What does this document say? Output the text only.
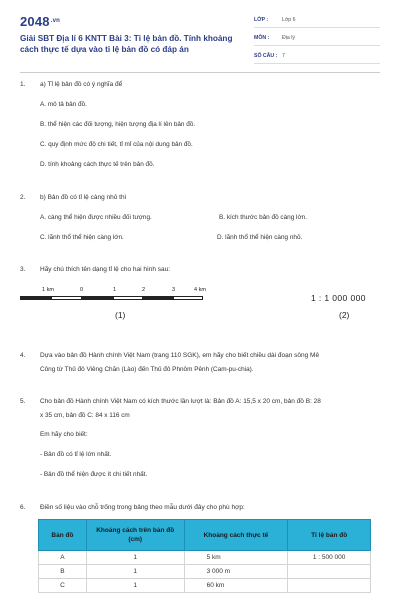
$2048^{.vn}$
Giải SBT Địa lí 6 KNTT Bài 3: Tỉ lệ bản đồ. Tính khoảng cách thực tế dựa vào tỉ lệ bản đồ có đáp án
LỚP :	Lớp 6
MÔN :	Địa lý
SỐ CÂU : 7
1.	a) Tỉ lệ bản đồ có ý nghĩa để
A. mô tả bản đồ.
B. thể hiện các đối tượng, hiện tượng địa lí lên bản đồ.
C. quy định mức độ chi tiết, tỉ mỉ của nội dung bản đồ.
D. tính khoảng cách thực tế trên bản đồ.
2.	b) Bản đồ có tỉ lệ càng nhỏ thì
A. càng thể hiện được nhiều đối tượng.	B. kích thước bản đồ càng lớn.
C. lãnh thổ thể hiện càng lớn.	D. lãnh thổ thể hiện càng nhỏ.
3.	Hãy chú thích tên dạng tỉ lệ cho hai hình sau:
1 km	0	1	2	3	4 km
(1)
1 : 1 000 000
(2)
4.	Dựa vào bản đồ Hành chính Việt Nam (trang 110 SGK), em hãy cho biết chiều dài đoạn sông Mê
Công từ Thủ đô Viêng Chăn (Lào) đến Thủ đô Phnôm Pênh (Cam-pu-chia).
5.	Cho bản đồ Hành chính Việt Nam có kích thước lần lượt là: Bản đồ A: 15,5 x 20 cm, bản đồ B: 28
x 35 cm, bản đồ C: 84 x 116 cm
Em hãy cho biết:
- Bản đồ có tỉ lệ lớn nhất.
- Bản đồ thể hiện được ít chi tiết nhất.
6.	Điền số liệu vào chỗ trống trong bảng theo mẫu dưới đây cho phù hợp:
Bản đồ	Khoảng cách trên bản đồ (cm)	Khoảng cách thực tế	Tỉ lệ bản đồ
A	1	5 km	1 : 500 000
B	1	3 000 m	
C	1	60 km	
